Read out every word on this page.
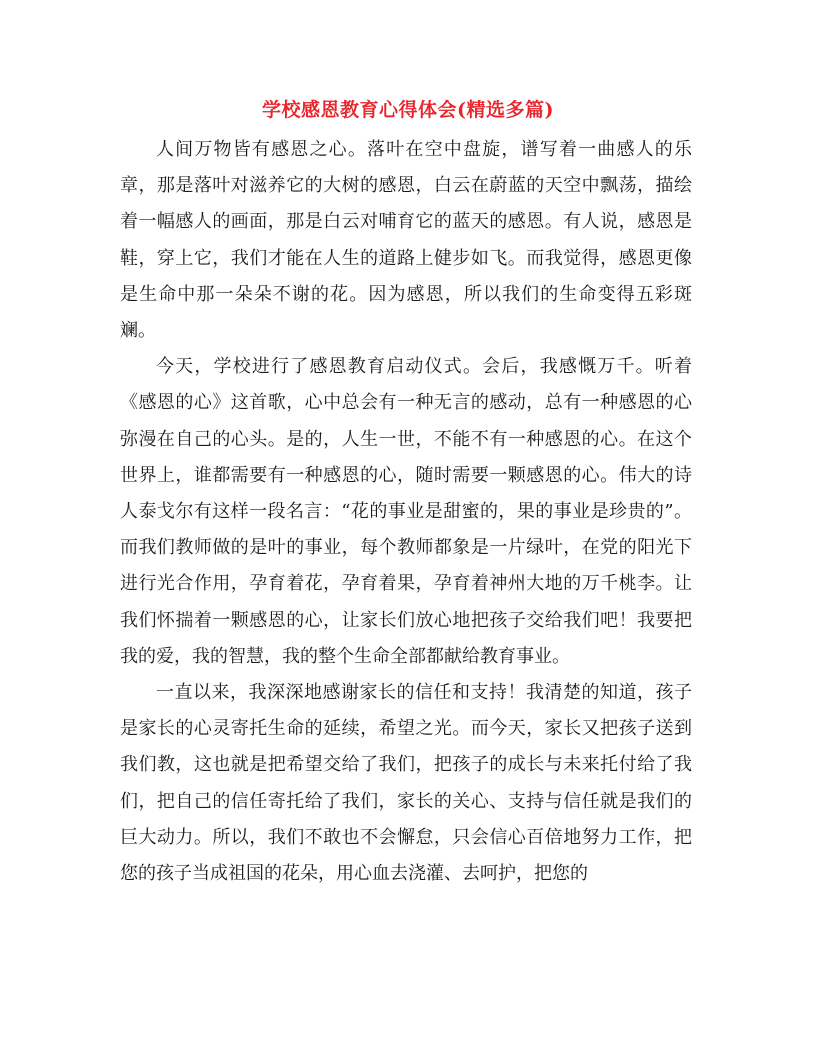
学校感恩教育心得体会(精选多篇)

人间万物皆有感恩之心。落叶在空中盘旋，谱写着一曲感人的乐章，那是落叶对滋养它的大树的感恩，白云在蔚蓝的天空中飘荡，描绘着一幅感人的画面，那是白云对哺育它的蓝天的感恩。有人说，感恩是鞋，穿上它，我们才能在人生的道路上健步如飞。而我觉得，感恩更像是生命中那一朵朵不谢的花。因为感恩，所以我们的生命变得五彩斑斓。

今天，学校进行了感恩教育启动仪式。会后，我感慨万千。听着《感恩的心》这首歌，心中总会有一种无言的感动，总有一种感恩的心弥漫在自己的心头。是的，人生一世，不能不有一种感恩的心。在这个世界上，谁都需要有一种感恩的心，随时需要一颗感恩的心。伟大的诗人泰戈尔有这样一段名言：“花的事业是甜蜜的，果的事业是珍贵的”。而我们教师做的是叶的事业，每个教师都象是一片绿叶，在党的阳光下进行光合作用，孕育着花，孕育着果，孕育着神州大地的万千桃李。让我们怀揣着一颗感恩的心，让家长们放心地把孩子交给我们吧！我要把我的爱，我的智慧，我的整个生命全部都献给教育事业。

一直以来，我深深地感谢家长的信任和支持！我清楚的知道，孩子是家长的心灵寄托生命的延续，希望之光。而今天，家长又把孩子送到我们教，这也就是把希望交给了我们，把孩子的成长与未来托付给了我们，把自己的信任寄托给了我们，家长的关心、支持与信任就是我们的巨大动力。所以，我们不敢也不会懈怠，只会信心百倍地努力工作，把您的孩子当成祖国的花朵，用心血去浇灌、去呵护，把您的
